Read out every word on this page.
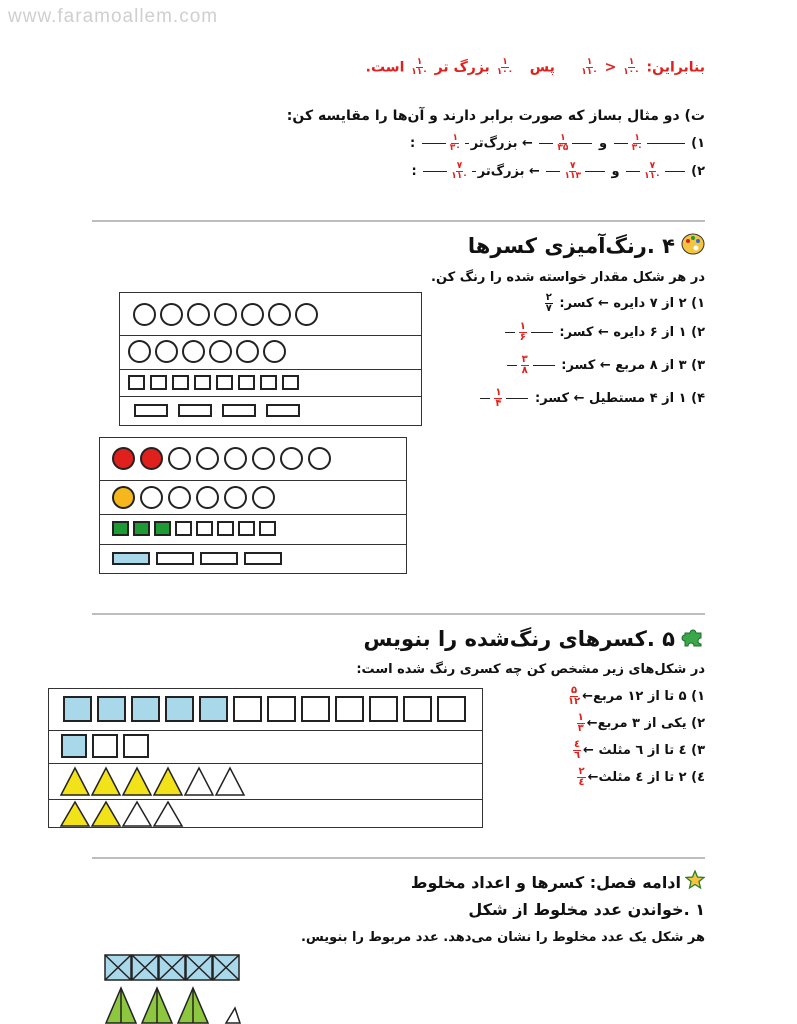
www.faramoallem.com
بنابراین:
$\frac{۱}{۱۰۰}$
<
$\frac{۱}{۱۱۰}$
پس
$\frac{۱}{۱۰۰}$
بزرگ تر
$\frac{۱}{۱۱۰}$
است.
ت) دو مثال بساز که صورت برابر دارند و آن‌ها را مقایسه کن:
۱)
$\frac{۱}{۳۰}$
و
$\frac{۱}{۳۵}$
← بزرگ‌تر
$\frac{۱}{۳۰}$
:
۲)
$\frac{۷}{۱۱۰}$
و
$\frac{۷}{۱۱۳}$
← بزرگ‌تر
$\frac{۷}{۱۱۰}$
:
۴ .رنگ‌آمیزی کسرها
در هر شکل مقدار خواسته شده را رنگ کن.
۱) ۲ از ۷ دایره ← کسر:
$\frac{۲}{۷}$
۲) ۱ از ۶ دایره ← کسر:
$\frac{۱}{۶}$
۳) ۳ از ۸ مربع ← کسر:
$\frac{۳}{۸}$
۴) ۱ از ۴ مستطیل ← کسر:
$\frac{۱}{۴}$
۵ .کسرهای رنگ‌شده را بنویس
در شکل‌های زیر مشخص کن چه کسری رنگ شده است:
۱) ۵ تا از ۱۲ مربع←
$\frac{۵}{۱۲}$
۲) یکی از ۳ مربع←
$\frac{۱}{۳}$
۳) ٤ تا از ٦ مثلث ←
$\frac{٤}{٦}$
٤) ۲ تا از ٤ مثلث←
$\frac{۲}{٤}$
ادامه فصل: کسرها و اعداد مخلوط
۱ .خواندن عدد مخلوط از شکل
هر شکل یک عدد مخلوط را نشان می‌دهد. عدد مربوط را بنویس.
